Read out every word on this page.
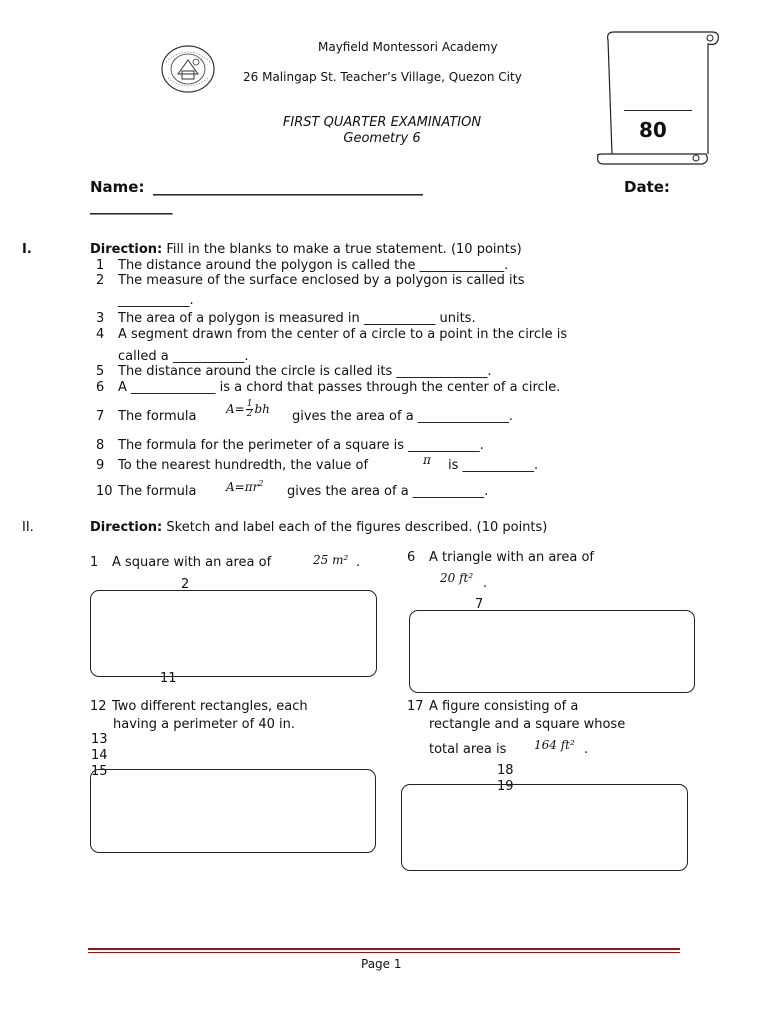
Mayfield Montessori Academy
26 Malingap St. Teacher’s Village, Quezon City
FIRST QUARTER EXAMINATION
Geometry 6	80
Name: ____________________________________	Date:
___________
I.	Direction: Fill in the blanks to make a true statement. (10 points)
1 The distance around the polygon is called the _____________.
2 The measure of the surface enclosed by a polygon is called its
___________.
3 The area of a polygon is measured in ___________ units.
4 A segment drawn from the center of a circle to a point in the circle is
called a ___________.
5 The distance around the circle is called its ______________.
6 A _____________ is a chord that passes through the center of a circle.
7 The formula $A= \frac{1}{2}$ bh gives the area of a ______________.
8 The formula for the perimeter of a square is ___________.
9 To the nearest hundredth, the value of	π is ___________.
10 The formula $A=\pi r^2$
gives the area of a ___________.
II.	Direction: Sketch and label each of the figures described. (10 points)
1 A square with an area of	25 m² .
2
11
6 A triangle with an area of
20 ft² .
7
12 Two different rectangles, each
having a perimeter of 40 in.
13
14
15
17 A figure consisting of a
rectangle and a square whose
total area is 164 ft² .
18
19
Page 1
